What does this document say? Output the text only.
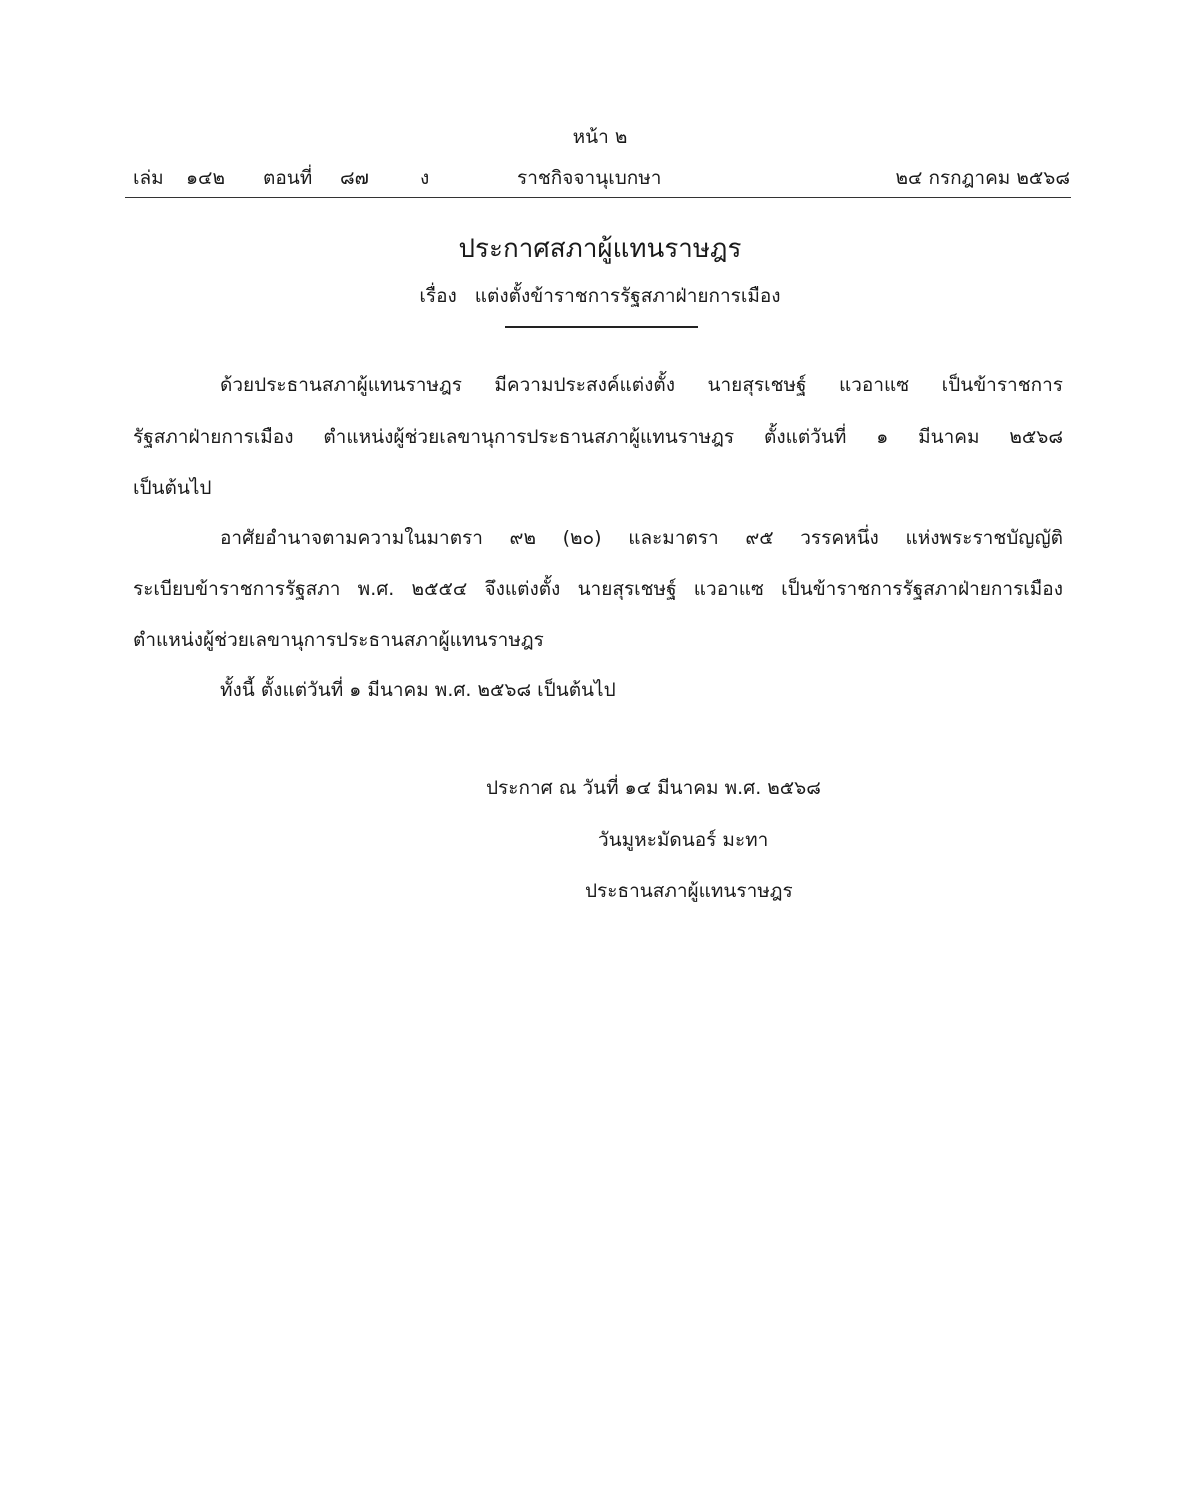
หน้า ๒
เล่ม ๑๔๒ ตอนที่ ๘๗	ง	ราชกิจจานุเบกษา	๒๔ กรกฎาคม ๒๕๖๘
ประกาศสภาผู้แทนราษฎร
เรื่อง แต่งตั้งข้าราชการรัฐสภาฝ่ายการเมือง
ด้วยประธานสภาผู้แทนราษฎร มีความประสงค์แต่งตั้ง นายสุรเชษฐ์ แวอาแซ เป็นข้าราชการ
รัฐสภาฝ่ายการเมือง ตำแหน่งผู้ช่วยเลขานุการประธานสภาผู้แทนราษฎร ตั้งแต่วันที่ ๑ มีนาคม ๒๕๖๘
เป็นต้นไป
อาศัยอำนาจตามความในมาตรา ๙๒ (๒๐) และมาตรา ๙๕ วรรคหนึ่ง แห่งพระราชบัญญัติ
ระเบียบข้าราชการรัฐสภา พ.ศ. ๒๕๕๔ จึงแต่งตั้ง นายสุรเชษฐ์ แวอาแซ เป็นข้าราชการรัฐสภาฝ่ายการเมือง
ตำแหน่งผู้ช่วยเลขานุการประธานสภาผู้แทนราษฎร
ทั้งนี้ ตั้งแต่วันที่ ๑ มีนาคม พ.ศ. ๒๕๖๘ เป็นต้นไป
ประกาศ ณ วันที่ ๑๔ มีนาคม พ.ศ. ๒๕๖๘
วันมูหะมัดนอร์ มะทา
ประธานสภาผู้แทนราษฎร
